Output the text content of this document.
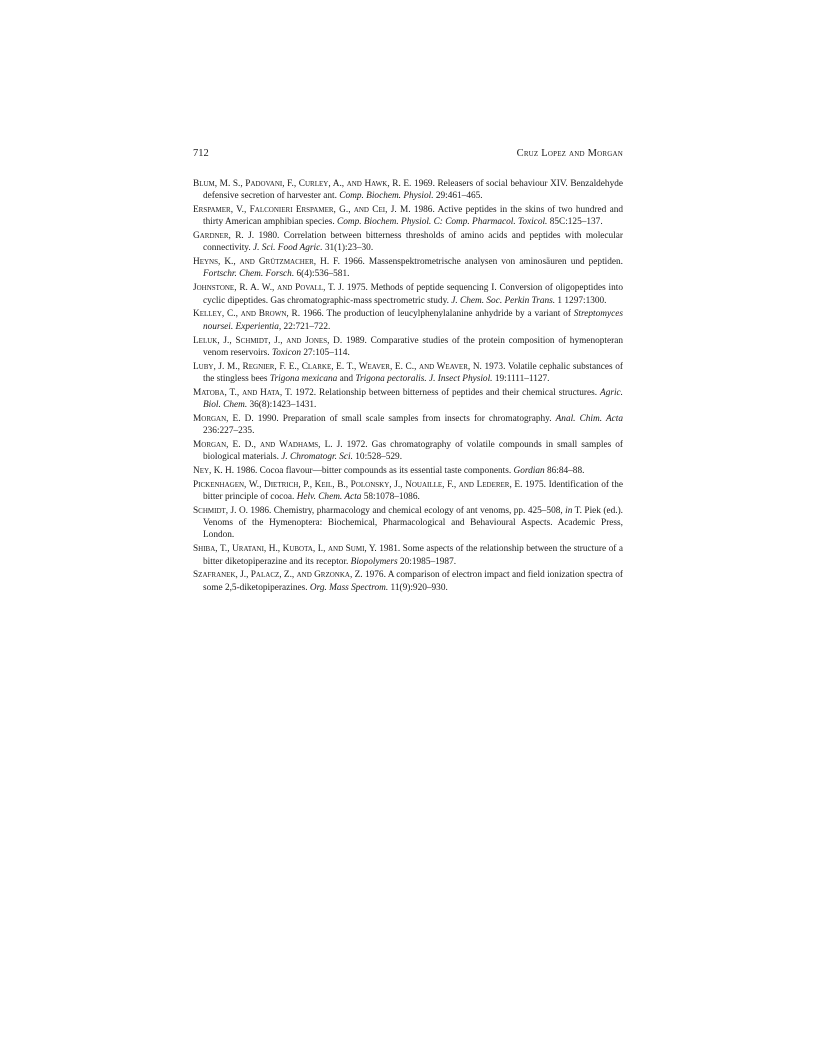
712	Cruz Lopez and Morgan
Blum, M. S., Padovani, F., Curley, A., and Hawk, R. E. 1969. Releasers of social behaviour XIV. Benzaldehyde defensive secretion of harvester ant. Comp. Biochem. Physiol. 29:461–465.
Erspamer, V., Falconieri Erspamer, G., and Cei, J. M. 1986. Active peptides in the skins of two hundred and thirty American amphibian species. Comp. Biochem. Physiol. C: Comp. Pharmacol. Toxicol. 85C:125–137.
Gardner, R. J. 1980. Correlation between bitterness thresholds of amino acids and peptides with molecular connectivity. J. Sci. Food Agric. 31(1):23–30.
Heyns, K., and Grützmacher, H. F. 1966. Massenspektrometrische analysen von aminosäuren und peptiden. Fortschr. Chem. Forsch. 6(4):536–581.
Johnstone, R. A. W., and Povall, T. J. 1975. Methods of peptide sequencing I. Conversion of oligopeptides into cyclic dipeptides. Gas chromatographic-mass spectrometric study. J. Chem. Soc. Perkin Trans. 1 1297:1300.
Kelley, C., and Brown, R. 1966. The production of leucylphenylalanine anhydride by a variant of Streptomyces noursei. Experientia, 22:721–722.
Leluk, J., Schmidt, J., and Jones, D. 1989. Comparative studies of the protein composition of hymenopteran venom reservoirs. Toxicon 27:105–114.
Luby, J. M., Regnier, F. E., Clarke, E. T., Weaver, E. C., and Weaver, N. 1973. Volatile cephalic substances of the stingless bees Trigona mexicana and Trigona pectoralis. J. Insect Physiol. 19:1111–1127.
Matoba, T., and Hata, T. 1972. Relationship between bitterness of peptides and their chemical structures. Agric. Biol. Chem. 36(8):1423–1431.
Morgan, E. D. 1990. Preparation of small scale samples from insects for chromatography. Anal. Chim. Acta 236:227–235.
Morgan, E. D., and Wadhams, L. J. 1972. Gas chromatography of volatile compounds in small samples of biological materials. J. Chromatogr. Sci. 10:528–529.
Ney, K. H. 1986. Cocoa flavour—bitter compounds as its essential taste components. Gordian 86:84–88.
Pickenhagen, W., Dietrich, P., Keil, B., Polonsky, J., Nouaille, F., and Lederer, E. 1975. Identification of the bitter principle of cocoa. Helv. Chem. Acta 58:1078–1086.
Schmidt, J. O. 1986. Chemistry, pharmacology and chemical ecology of ant venoms, pp. 425–508, in T. Piek (ed.). Venoms of the Hymenoptera: Biochemical, Pharmacological and Behavioural Aspects. Academic Press, London.
Shiba, T., Uratani, H., Kubota, I., and Sumi, Y. 1981. Some aspects of the relationship between the structure of a bitter diketopiperazine and its receptor. Biopolymers 20:1985–1987.
Szafranek, J., Palacz, Z., and Grzonka, Z. 1976. A comparison of electron impact and field ionization spectra of some 2,5-diketopiperazines. Org. Mass Spectrom. 11(9):920–930.
